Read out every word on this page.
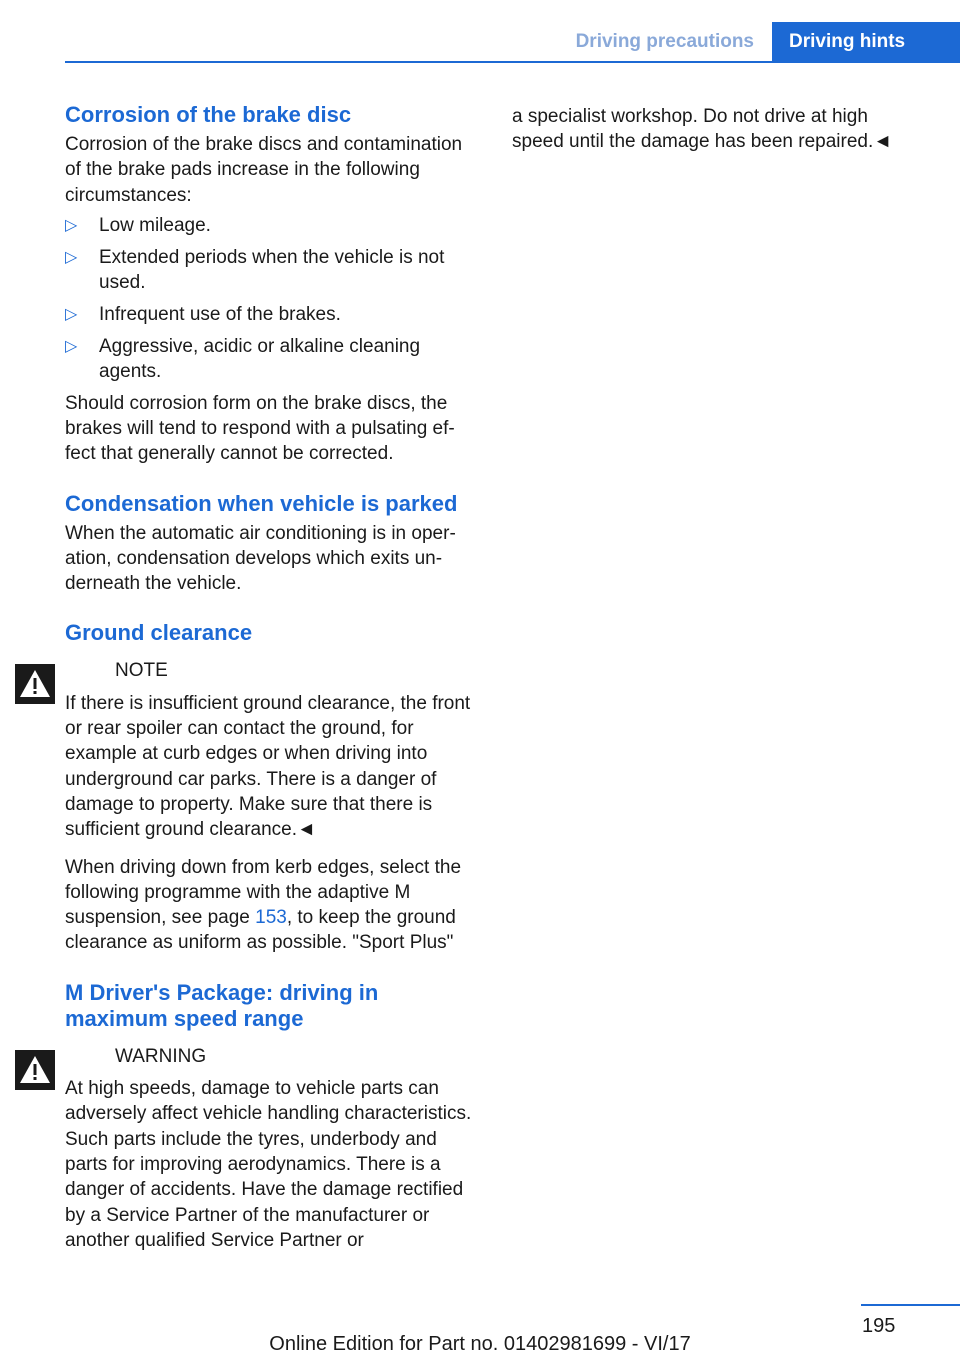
Driving precautions	Driving hints
Corrosion of the brake disc

Corrosion of the brake discs and contamination of the brake pads increase in the following circumstances:

▷ Low mileage.
▷ Extended periods when the vehicle is not used.
▷ Infrequent use of the brakes.
▷ Aggressive, acidic or alkaline cleaning agents.

Should corrosion form on the brake discs, the brakes will tend to respond with a pulsating effect that generally cannot be corrected.

Condensation when vehicle is parked

When the automatic air conditioning is in operation, condensation develops which exits underneath the vehicle.

Ground clearance
NOTE
If there is insufficient ground clearance, the front or rear spoiler can contact the ground, for example at curb edges or when driving into underground car parks. There is a danger of damage to property. Make sure that there is sufficient ground clearance.◄

When driving down from kerb edges, select the following programme with the adaptive M suspension, see page 153, to keep the ground clearance as uniform as possible. "Sport Plus"

M Driver's Package: driving in maximum speed range
WARNING
At high speeds, damage to vehicle parts can adversely affect vehicle handling characteristics. Such parts include the tyres, underbody and parts for improving aerodynamics. There is a danger of accidents. Have the damage rectified by a Service Partner of the manufacturer or another qualified Service Partner or

a specialist workshop. Do not drive at high speed until the damage has been repaired.◄

195
Online Edition for Part no. 01402981699 - VI/17
